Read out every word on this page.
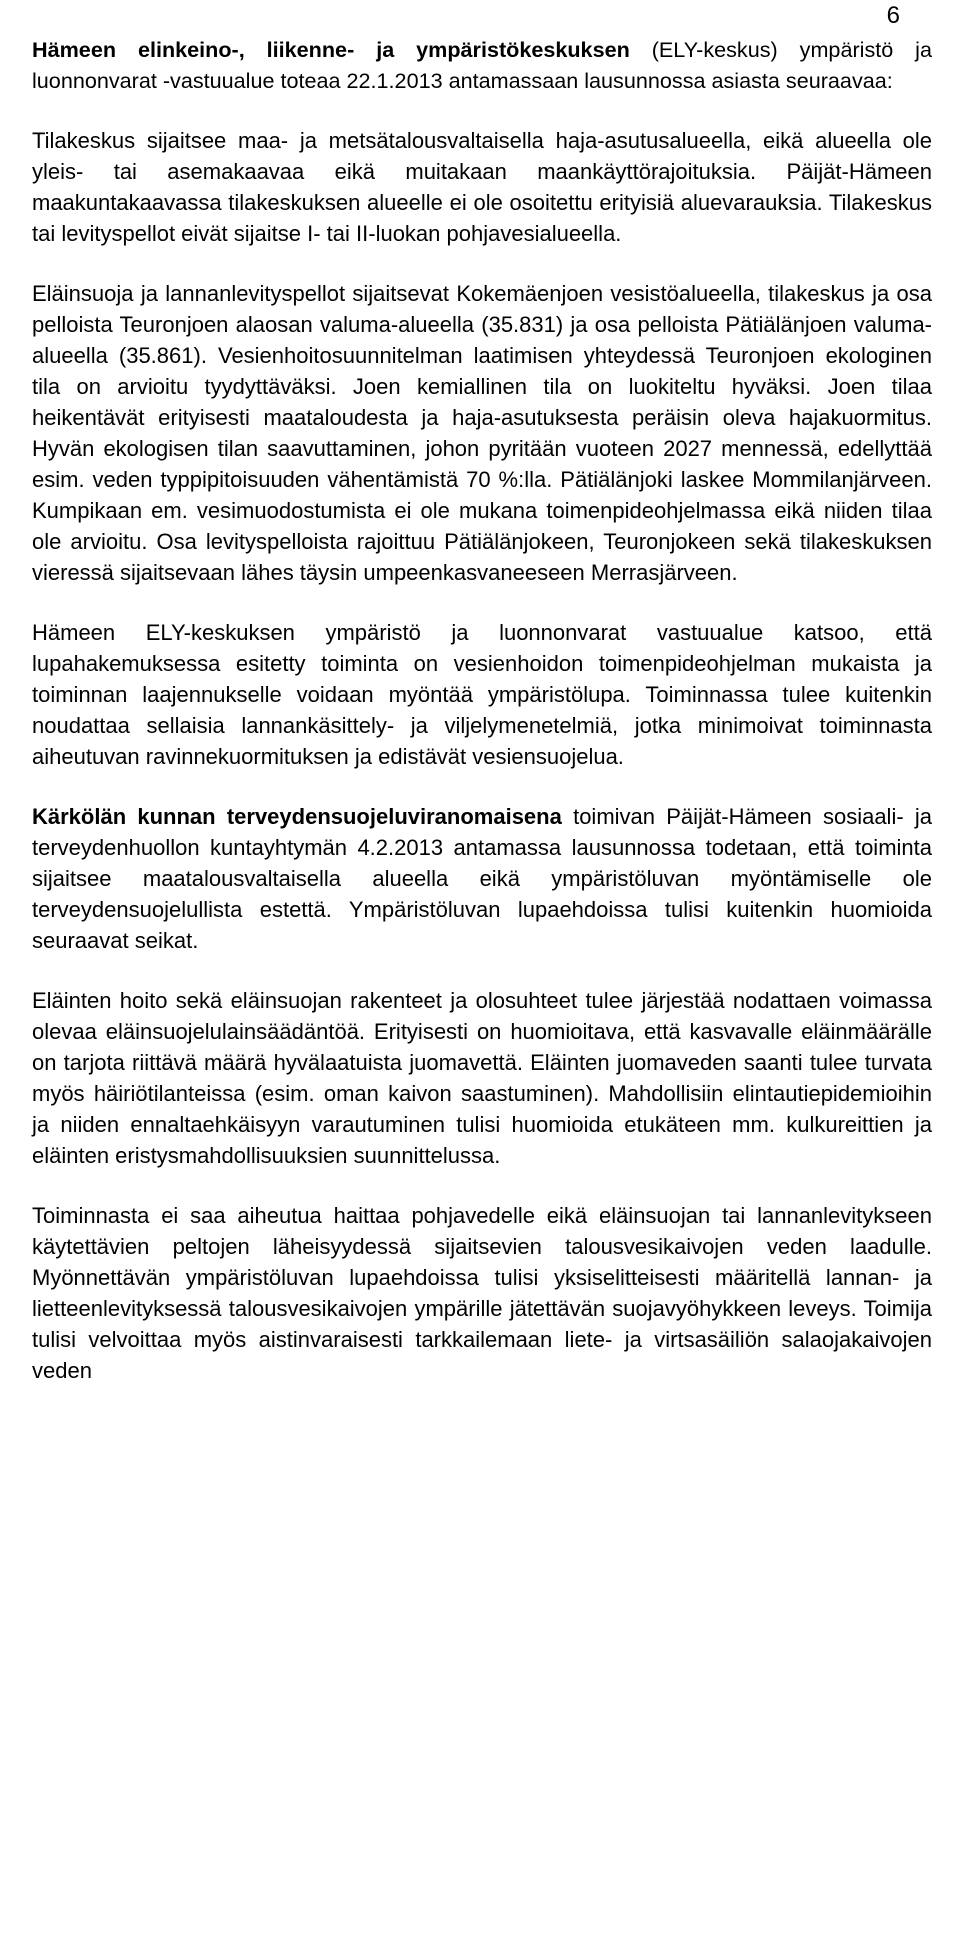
6

Hämeen elinkeino-, liikenne- ja ympäristökeskuksen (ELY-keskus) ympäristö ja luonnonvarat -vastuualue toteaa 22.1.2013 antamassaan lausunnossa asiasta seuraavaa:

Tilakeskus sijaitsee maa- ja metsätalousvaltaisella haja-asutusalueella, eikä alueella ole yleis- tai asemakaavaa eikä muitakaan maankäyttörajoituksia. Päijät-Hämeen maakuntakaavassa tilakeskuksen alueelle ei ole osoitettu erityisiä aluevarauksia. Tilakeskus tai levityspellot eivät sijaitse I- tai II-luokan pohjavesialueella.

Eläinsuoja ja lannanlevityspellot sijaitsevat Kokemäenjoen vesistöalueella, tilakeskus ja osa pelloista Teuronjoen alaosan valuma-alueella (35.831) ja osa pelloista Pätiälänjoen valuma-alueella (35.861). Vesienhoitosuunnitelman laatimisen yhteydessä Teuronjoen ekologinen tila on arvioitu tyydyttäväksi. Joen kemiallinen tila on luokiteltu hyväksi. Joen tilaa heikentävät erityisesti maataloudesta ja haja-asutuksesta peräisin oleva hajakuormitus. Hyvän ekologisen tilan saavuttaminen, johon pyritään vuoteen 2027 mennessä, edellyttää esim. veden typpipitoisuuden vähentämistä 70 %:lla. Pätiälänjoki laskee Mommilanjärveen. Kumpikaan em. vesimuodostumista ei ole mukana toimenpideohjelmassa eikä niiden tilaa ole arvioitu. Osa levityspelloista rajoittuu Pätiälänjokeen, Teuronjokeen sekä tilakeskuksen vieressä sijaitsevaan lähes täysin umpeenkasvaneeseen Merrasjärveen.

Hämeen ELY-keskuksen ympäristö ja luonnonvarat vastuualue katsoo, että lupahakemuksessa esitetty toiminta on vesienhoidon toimenpideohjelman mukaista ja toiminnan laajennukselle voidaan myöntää ympäristölupa. Toiminnassa tulee kuitenkin noudattaa sellaisia lannankäsittely- ja viljelymenetelmiä, jotka minimoivat toiminnasta aiheutuvan ravinnekuormituksen ja edistävät vesiensuojelua.

Kärkölän kunnan terveydensuojeluviranomaisena toimivan Päijät-Hämeen sosiaali- ja terveydenhuollon kuntayhtymän 4.2.2013 antamassa lausunnossa todetaan, että toiminta sijaitsee maatalousvaltaisella alueella eikä ympäristöluvan myöntämiselle ole terveydensuojelullista estettä. Ympäristöluvan lupaehdoissa tulisi kuitenkin huomioida seuraavat seikat.

Eläinten hoito sekä eläinsuojan rakenteet ja olosuhteet tulee järjestää nodattaen voimassa olevaa eläinsuojelulainsäädäntöä. Erityisesti on huomioitava, että kasvavalle eläinmäärälle on tarjota riittävä määrä hyvälaatuista juomavettä. Eläinten juomaveden saanti tulee turvata myös häiriötilanteissa (esim. oman kaivon saastuminen). Mahdollisiin elintautiepidemioihin ja niiden ennaltaehkäisyyn varautuminen tulisi huomioida etukäteen mm. kulkureittien ja eläinten eristysmahdollisuuksien suunnittelussa.

Toiminnasta ei saa aiheutua haittaa pohjavedelle eikä eläinsuojan tai lannanlevitykseen käytettävien peltojen läheisyydessä sijaitsevien talousvesikaivojen veden laadulle. Myönnettävän ympäristöluvan lupaehdoissa tulisi yksiselitteisesti määritellä lannan- ja lietteenlevityksessä talousvesikaivojen ympärille jätettävän suojavyöhykkeen leveys. Toimija tulisi velvoittaa myös aistinvaraisesti tarkkailemaan liete- ja virtsasäiliön salaojakaivojen veden
